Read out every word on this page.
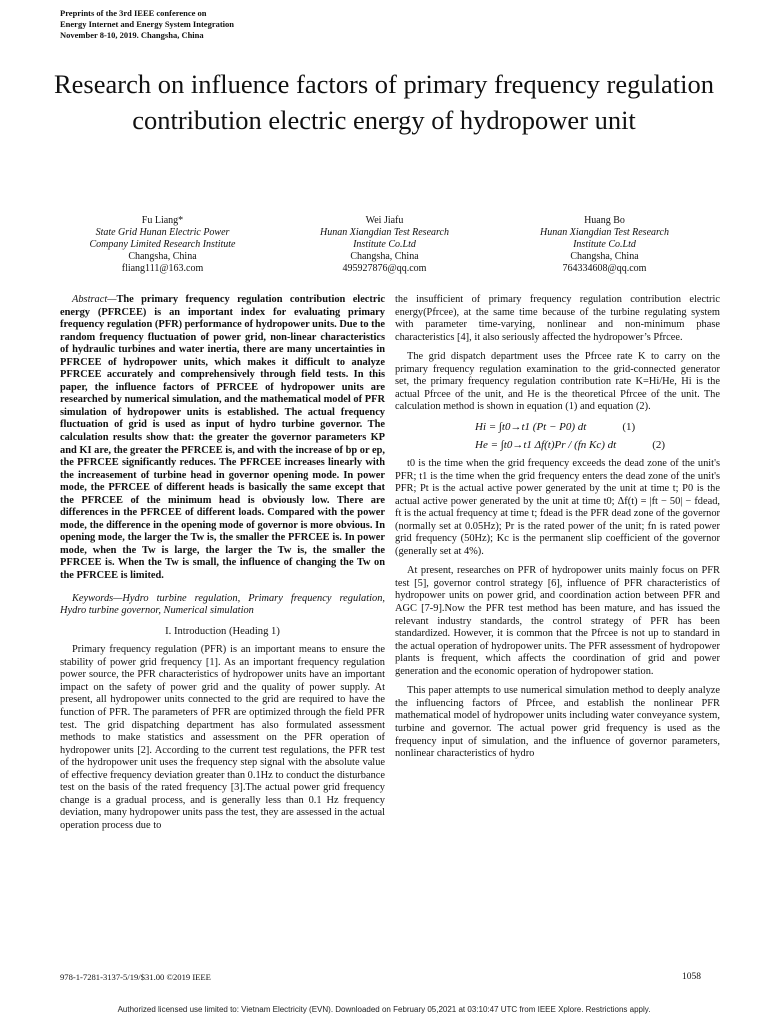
Preprints of the 3rd IEEE conference on
Energy Internet and Energy System Integration
November 8-10, 2019. Changsha, China
Research on influence factors of primary frequency regulation contribution electric energy of hydropower unit
Fu Liang*
State Grid Hunan Electric Power
Company Limited Research Institute
Changsha, China
fliang111@163.com
Wei Jiafu
Hunan Xiangdian Test Research
Institute Co.Ltd
Changsha, China
495927876@qq.com
Huang Bo
Hunan Xiangdian Test Research
Institute Co.Ltd
Changsha, China
764334608@qq.com

Abstract—The primary frequency regulation contribution electric energy (PFRCEE) is an important index for evaluating primary frequency regulation (PFR) performance of hydropower units. Due to the random frequency fluctuation of power grid, non-linear characteristics of hydraulic turbines and water inertia, there are many uncertainties in PFRCEE of hydropower units, which makes it difficult to analyze PFRCEE accurately and comprehensively through field tests. In this paper, the influence factors of PFRCEE of hydropower units are researched by numerical simulation, and the mathematical model of PFR simulation of hydropower units is established. The actual frequency fluctuation of grid is used as input of hydro turbine governor. The calculation results show that: the greater the governor parameters KP and KI are, the greater the PFRCEE is, and with the increase of bp or ep, the PFRCEE significantly reduces. The PFRCEE increases linearly with the increasement of turbine head in governor opening mode. In power mode, the PFRCEE of different heads is basically the same except that the PFRCEE of the minimum head is obviously low. There are differences in the PFRCEE of different loads. Compared with the power mode, the difference in the opening mode of governor is more obvious. In opening mode, the larger the Tw is, the smaller the PFRCEE is. In power mode, when the Tw is large, the larger the Tw is, the smaller the PFRCEE is. When the Tw is small, the influence of changing the Tw on the PFRCEE is limited.

Keywords—Hydro turbine regulation, Primary frequency regulation, Hydro turbine governor, Numerical simulation

I. Introduction (Heading 1)

Primary frequency regulation (PFR) is an important means to ensure the stability of power grid frequency [1]. As an important frequency regulation power source, the PFR characteristics of hydropower units have an important impact on the safety of power grid and the quality of power supply. At present, all hydropower units connected to the grid are required to have the function of PFR. The parameters of PFR are optimized through the field PFR test. The grid dispatching department has also formulated assessment methods to make statistics and assessment on the PFR operation of hydropower units [2]. According to the current test regulations, the PFR test of the hydropower unit uses the frequency step signal with the absolute value of effective frequency deviation greater than 0.1Hz to conduct the disturbance test on the basis of the rated frequency [3].The actual power grid frequency change is a gradual process, and is generally less than 0.1 Hz frequency deviation, many hydropower units pass the test, they are assessed in the actual operation process due to

the insufficient of primary frequency regulation contribution electric energy(Pfrcee), at the same time because of the turbine regulating system with parameter time-varying, nonlinear and non-minimum phase characteristics [4], it also seriously affected the hydropower’s Pfrcee.

The grid dispatch department uses the Pfrcee rate K to carry on the primary frequency regulation examination to the grid-connected generator set, the primary frequency regulation contribution rate K=Hi/He, Hi is the actual Pfrcee of the unit, and He is the theoretical Pfrcee of the unit. The calculation method is shown in equation (1) and equation (2).

Hi = ∫t0→t1 (Pt − P0) dt	(1)
He = ∫t0→t1 Δf(t)Pr / (fn Kc) dt	(2)

t0 is the time when the grid frequency exceeds the dead zone of the unit's PFR; t1 is the time when the grid frequency enters the dead zone of the unit's PFR; Pt is the actual active power generated by the unit at time t; P0 is the actual active power generated by the unit at time t0; Δf(t) = |ft − 50| − fdead, ft is the actual frequency at time t; fdead is the PFR dead zone of the governor (normally set at 0.05Hz); Pr is the rated power of the unit; fn is rated power grid frequency (50Hz); Kc is the permanent slip coefficient of the governor (generally set at 4%).

At present, researches on PFR of hydropower units mainly focus on PFR test [5], governor control strategy [6], influence of PFR characteristics of hydropower units on power grid, and coordination action between PFR and AGC [7-9].Now the PFR test method has been mature, and has issued the relevant industry standards, the control strategy of PFR has been standardized. However, it is common that the Pfrcee is not up to standard in the actual operation of hydropower units. The PFR assessment of hydropower plants is frequent, which affects the coordination of grid and power generation and the economic operation of hydropower station.

This paper attempts to use numerical simulation method to deeply analyze the influencing factors of Pfrcee, and establish the nonlinear PFR mathematical model of hydropower units including water conveyance system, turbine and governor. The actual power grid frequency is used as the frequency input of simulation, and the influence of governor parameters, nonlinear characteristics of hydro

978-1-7281-3137-5/19/$31.00 ©2019 IEEE	1058
Authorized licensed use limited to: Vietnam Electricity (EVN). Downloaded on February 05,2021 at 03:10:47 UTC from IEEE Xplore. Restrictions apply.
